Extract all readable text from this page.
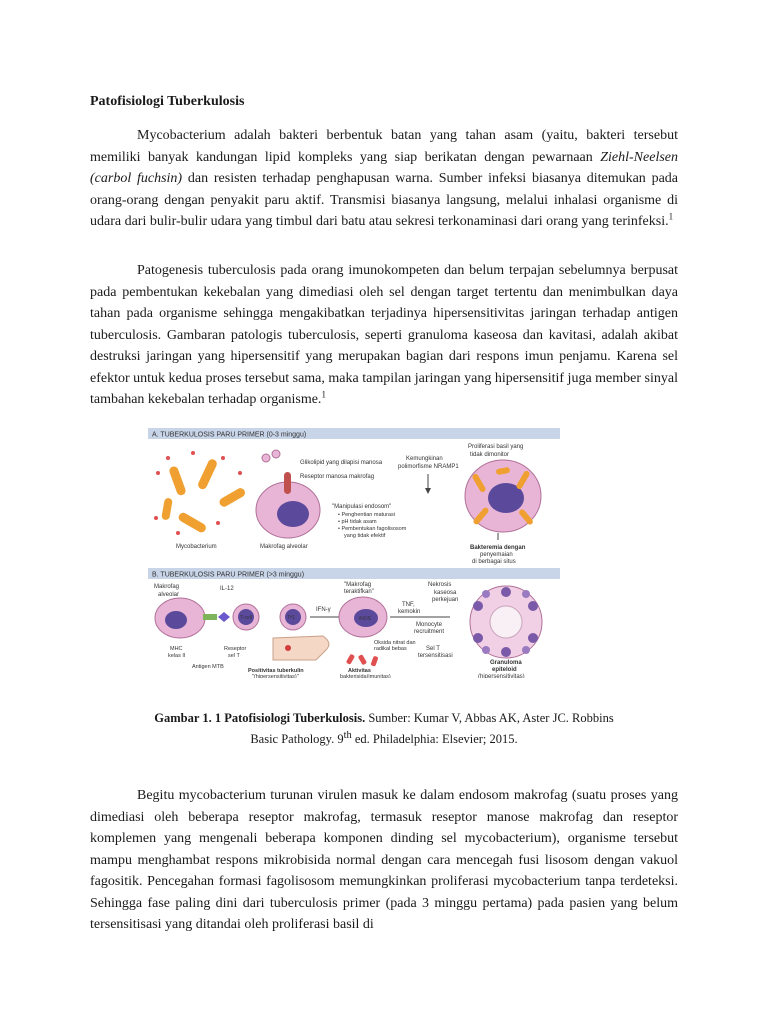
Patofisiologi Tuberkulosis

Mycobacterium adalah bakteri berbentuk batan yang tahan asam (yaitu, bakteri tersebut memiliki banyak kandungan lipid kompleks yang siap berikatan dengan pewarnaan Ziehl-Neelsen (carbol fuchsin) dan resisten terhadap penghapusan warna. Sumber infeksi biasanya ditemukan pada orang-orang dengan penyakit paru aktif. Transmisi biasanya langsung, melalui inhalasi organisme di udara dari bulir-bulir udara yang timbul dari batu atau sekresi terkonaminasi dari orang yang terinfeksi.$^1$

Patogenesis tuberculosis pada orang imunokompeten dan belum terpajan sebelumnya berpusat pada pembentukan kekebalan yang dimediasi oleh sel dengan target tertentu dan menimbulkan daya tahan pada organisme sehingga mengakibatkan terjadinya hipersensitivitas jaringan terhadap antigen tuberculosis. Gambaran patologis tuberculosis, seperti granuloma kaseosa dan kavitasi, adalah akibat destruksi jaringan yang hipersensitif yang merupakan bagian dari respons imun penjamu. Karena sel efektor untuk kedua proses tersebut sama, maka tampilan jaringan yang hipersensitif juga member sinyal tambahan kekebalan terhadap organisme.$^1$

A. TUBERKULOSIS PARU PRIMER (0-3 minggu)
Mycobacterium	Makrofag alveolar
Glikolipid yang dilapisi manosa
Reseptor manosa makrofag
"Manipulasi endosom"
• Penghentian maturasi
• pH tidak asam
• Pembentukan fagolisosom
yang tidak efektif
Kemungkinan
polimorfisme NRAMP1
Proliferasi basil yang
tidak dimonitor
Bakteremia dengan
penyemaian
di berbagai situs
B. TUBERKULOSIS PARU PRIMER (>3 minggu)
Makrofag
alveolar
IL-12
T-cell
MHC
kelas II
Reseptor
sel T
Antigen MTB
Tᴴ1
IFN-γ
Positivitas tuberkulin
"(hipersensitivitas)"
"Makrofag
teraktifkan"
iNOS
Oksida nitrat dan
radikal bebas
Aktivitas
bakterisida(imunitas)
TNF,
kemokin
Monocyte
recruitment
Nekrosis
kaseosa
perkejuan
Sel T
tersensitisasi
Granuloma
epiteloid
(hipersensitivitas)

Gambar 1. 1 Patofisiologi Tuberkulosis. Sumber: Kumar V, Abbas AK, Aster JC. Robbins Basic Pathology. 9th ed. Philadelphia: Elsevier; 2015.

Begitu mycobacterium turunan virulen masuk ke dalam endosom makrofag (suatu proses yang dimediasi oleh beberapa reseptor makrofag, termasuk reseptor manose makrofag dan reseptor komplemen yang mengenali beberapa komponen dinding sel mycobacterium), organisme tersebut mampu menghambat respons mikrobisida normal dengan cara mencegah fusi lisosom dengan vakuol fagositik. Pencegahan formasi fagolisosom memungkinkan proliferasi mycobacterium tanpa terdeteksi. Sehingga fase paling dini dari tuberculosis primer (pada 3 minggu pertama) pada pasien yang belum tersensitisasi yang ditandai oleh proliferasi basil di
